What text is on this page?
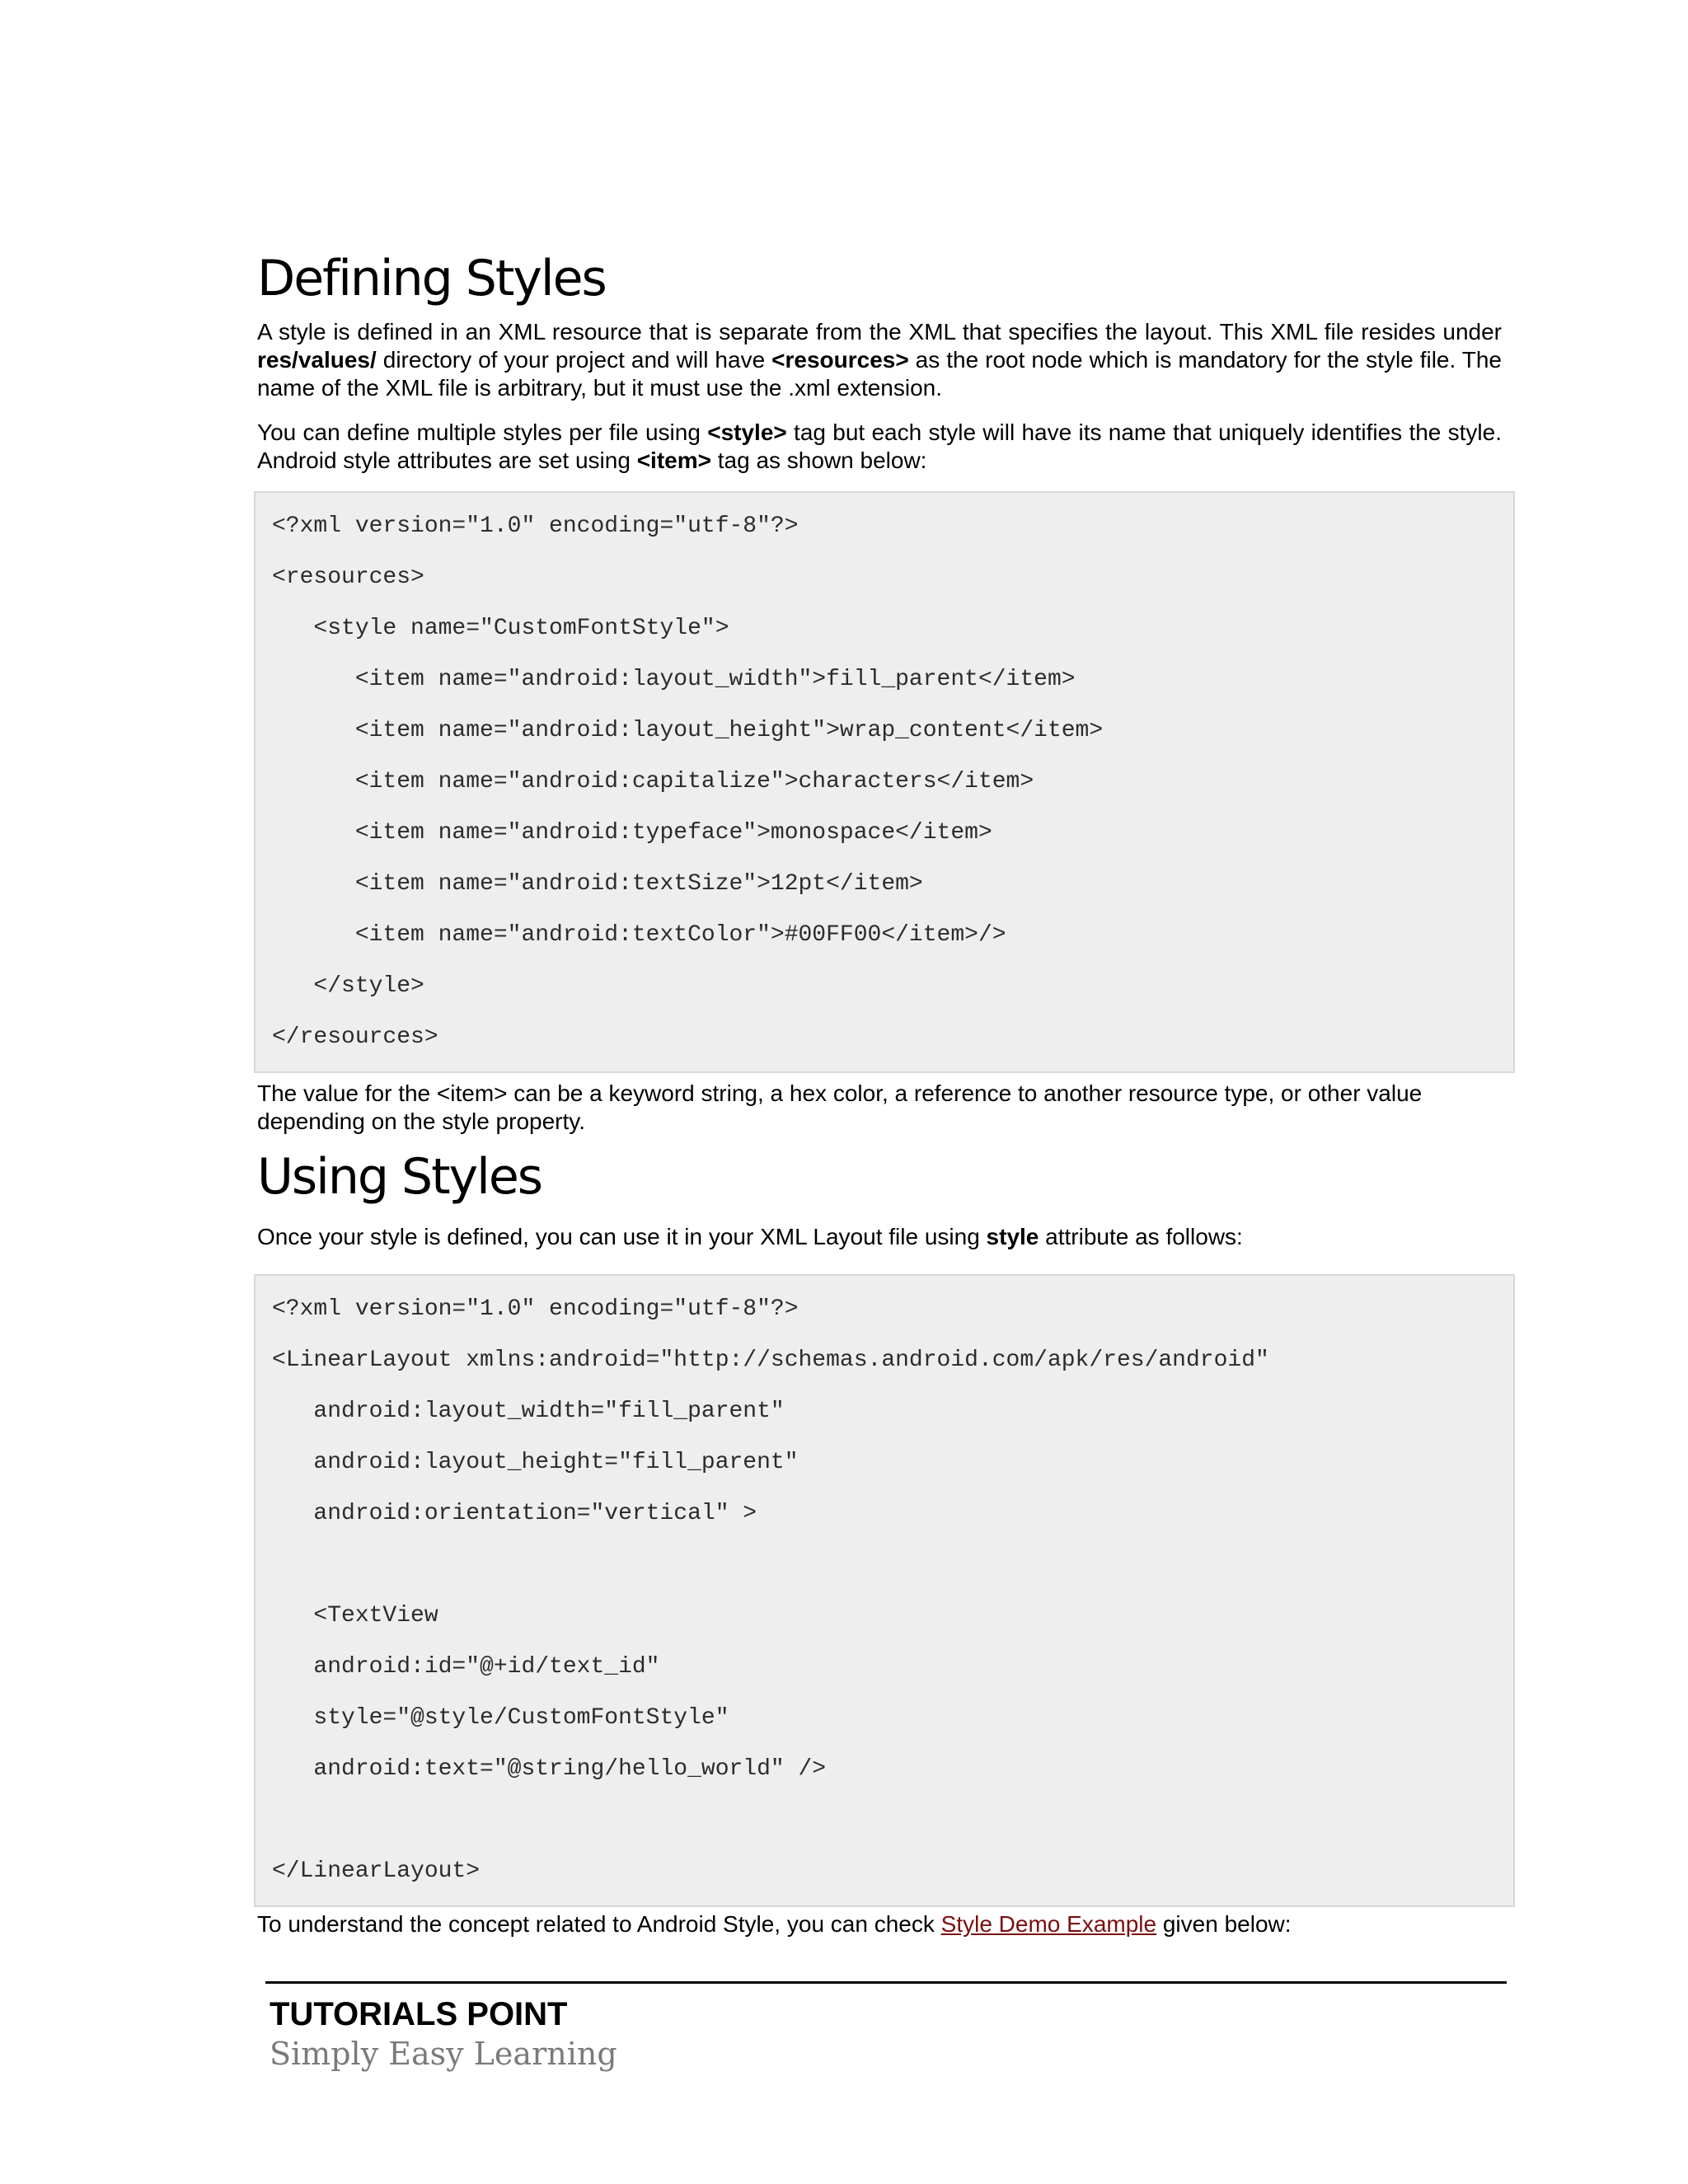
Defining Styles

A style is defined in an XML resource that is separate from the XML that specifies the layout. This XML file resides under res/values/ directory of your project and will have <resources> as the root node which is mandatory for the style file. The name of the XML file is arbitrary, but it must use the .xml extension.

You can define multiple styles per file using <style> tag but each style will have its name that uniquely identifies the style. Android style attributes are set using <item> tag as shown below:

<?xml version="1.0" encoding="utf-8"?>
<resources>
<style name="CustomFontStyle">
<item name="android:layout_width">fill_parent</item>
<item name="android:layout_height">wrap_content</item>
<item name="android:capitalize">characters</item>
<item name="android:typeface">monospace</item>
<item name="android:textSize">12pt</item>
<item name="android:textColor">#00FF00</item>/>
</style>
</resources>

The value for the <item> can be a keyword string, a hex color, a reference to another resource type, or other value depending on the style property.

Using Styles

Once your style is defined, you can use it in your XML Layout file using style attribute as follows:

<?xml version="1.0" encoding="utf-8"?>
<LinearLayout xmlns:android="http://schemas.android.com/apk/res/android"
android:layout_width="fill_parent"
android:layout_height="fill_parent"
android:orientation="vertical" >
<TextView
android:id="@+id/text_id"
style="@style/CustomFontStyle"
android:text="@string/hello_world" />
</LinearLayout>

To understand the concept related to Android Style, you can check Style Demo Example given below:

TUTORIALS POINT
Simply Easy Learning
